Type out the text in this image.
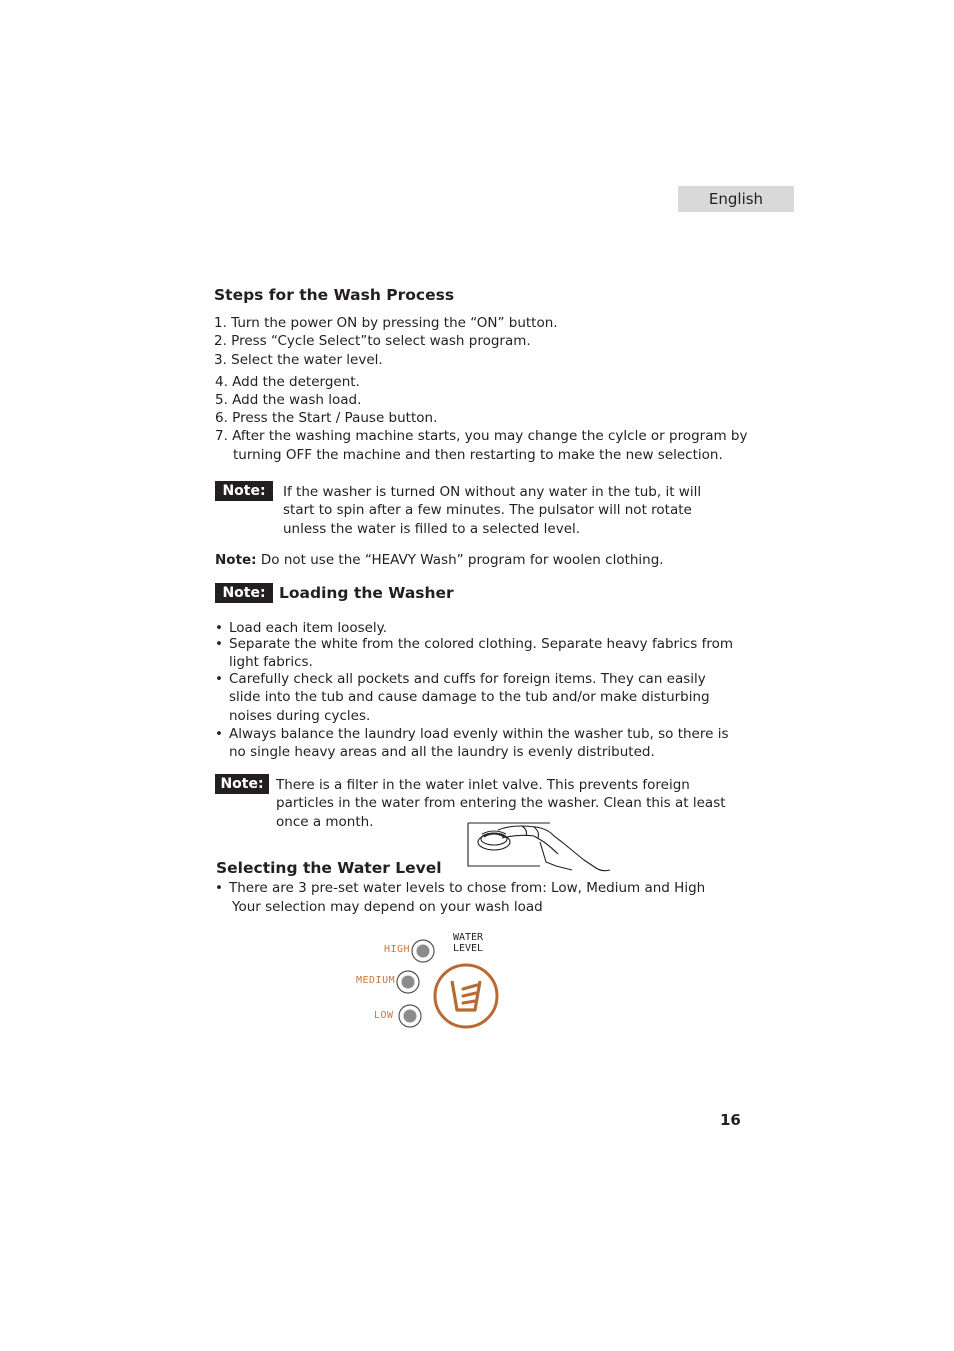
English
Steps for the Wash Process
1. Turn the power ON by pressing the “ON” button.
2. Press “Cycle Select”to select wash program.
3. Select the water level.
4. Add the detergent.
5. Add the wash load.
6. Press the Start / Pause button.
7. After the washing machine starts, you may change the cylcle or program by
turning OFF the machine and then restarting to make the new selection.
Note:	If the washer is turned ON without any water in the tub, it will start to spin after a few minutes. The pulsator will not rotate unless the water is filled to a selected level.
Note: Do not use the “HEAVY Wash” program for woolen clothing.
Note: Loading the Washer
• Load each item loosely.
• Separate the white from the colored clothing. Separate heavy fabrics from light fabrics.
• Carefully check all pockets and cuffs for foreign items. They can easily slide into the tub and cause damage to the tub and/or make disturbing noises during cycles.
• Always balance the laundry load evenly within the washer tub, so there is no single heavy areas and all the laundry is evenly distributed.
Note: There is a filter in the water inlet valve. This prevents foreign particles in the water from entering the washer. Clean this at least once a month.
Selecting the Water Level
• There are 3 pre-set water levels to chose from: Low, Medium and High
Your selection may depend on your wash load
HIGH
MEDIUM
LOW
WATER
LEVEL
16
